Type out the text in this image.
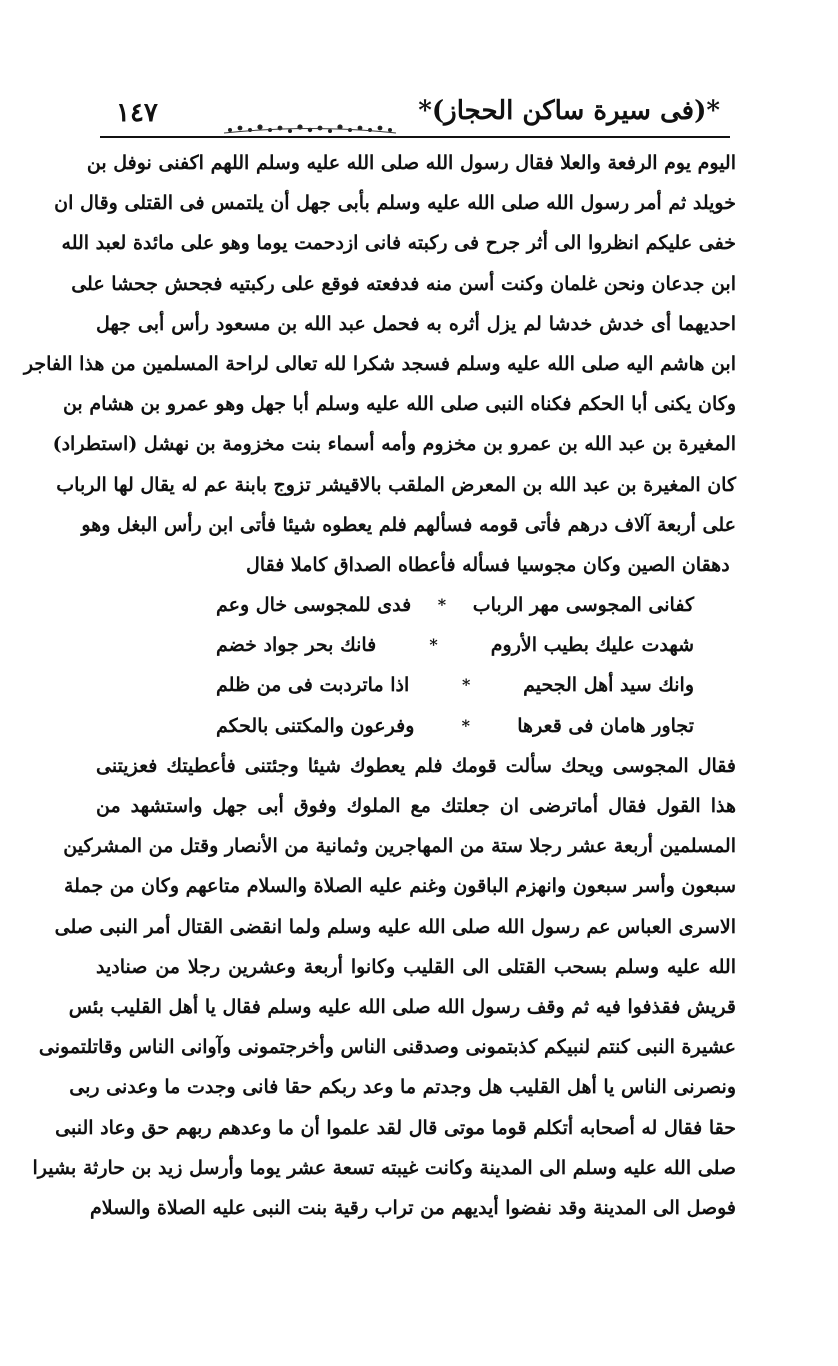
١٤٧	*(فى سيرة ساكن الحجاز)*
اليوم يوم الرفعة والعلا فقال رسول الله صلى الله عليه وسلم اللهم اكفنى نوفل بن
خويلد ثم أمر رسول الله صلى الله عليه وسلم بأبى جهل أن يلتمس فى القتلى وقال ان
خفى عليكم انظروا الى أثر جرح فى ركبته فانى ازدحمت يوما وهو على مائدة لعبد الله
ابن جدعان ونحن غلمان وكنت أسن منه فدفعته فوقع على ركبتيه فجحش جحشا على
احديهما أى خدش خدشا لم يزل أثره به فحمل عبد الله بن مسعود رأس أبى جهل
ابن هاشم اليه صلى الله عليه وسلم فسجد شكرا لله تعالى لراحة المسلمين من هذا الفاجر
وكان يكنى أبا الحكم فكناه النبى صلى الله عليه وسلم أبا جهل وهو عمرو بن هشام بن
المغيرة بن عبد الله بن عمرو بن مخزوم وأمه أسماء بنت مخزومة بن نهشل (استطراد)
كان المغيرة بن عبد الله بن المعرض الملقب بالاقيشر تزوج بابنة عم له يقال لها الرباب
على أربعة آلاف درهم فأتى قومه فسألهم فلم يعطوه شيئا فأتى ابن رأس البغل وهو
دهقان الصين وكان مجوسيا فسأله فأعطاه الصداق كاملا فقال
كفانى المجوسى مهر الرباب
*
فدى للمجوسى خال وعم
شهدت عليك بطيب الأروم
*
فانك بحر جواد خضم
وانك سيد أهل الجحيم
*
اذا ماتردبت فى من ظلم
تجاور هامان فى قعرها
*
وفرعون والمكتنى بالحكم
فقال المجوسى ويحك سألت قومك فلم يعطوك شيئا وجئتنى فأعطيتك فعزيتنى
هذا القول فقال أماترضى ان جعلتك مع الملوك وفوق أبى جهل واستشهد من
المسلمين أربعة عشر رجلا ستة من المهاجرين وثمانية من الأنصار وقتل من المشركين
سبعون وأسر سبعون وانهزم الباقون وغنم عليه الصلاة والسلام متاعهم وكان من جملة
الاسرى العباس عم رسول الله صلى الله عليه وسلم ولما انقضى القتال أمر النبى صلى
الله عليه وسلم بسحب القتلى الى القليب وكانوا أربعة وعشرين رجلا من صناديد
قريش فقذفوا فيه ثم وقف رسول الله صلى الله عليه وسلم فقال يا أهل القليب بئس
عشيرة النبى كنتم لنبيكم كذبتمونى وصدقنى الناس وأخرجتمونى وآوانى الناس وقاتلتمونى
ونصرنى الناس يا أهل القليب هل وجدتم ما وعد ربكم حقا فانى وجدت ما وعدنى ربى
حقا فقال له أصحابه أتكلم قوما موتى قال لقد علموا أن ما وعدهم ربهم حق وعاد النبى
صلى الله عليه وسلم الى المدينة وكانت غيبته تسعة عشر يوما وأرسل زيد بن حارثة بشيرا
فوصل الى المدينة وقد نفضوا أيديهم من تراب رقية بنت النبى عليه الصلاة والسلام
